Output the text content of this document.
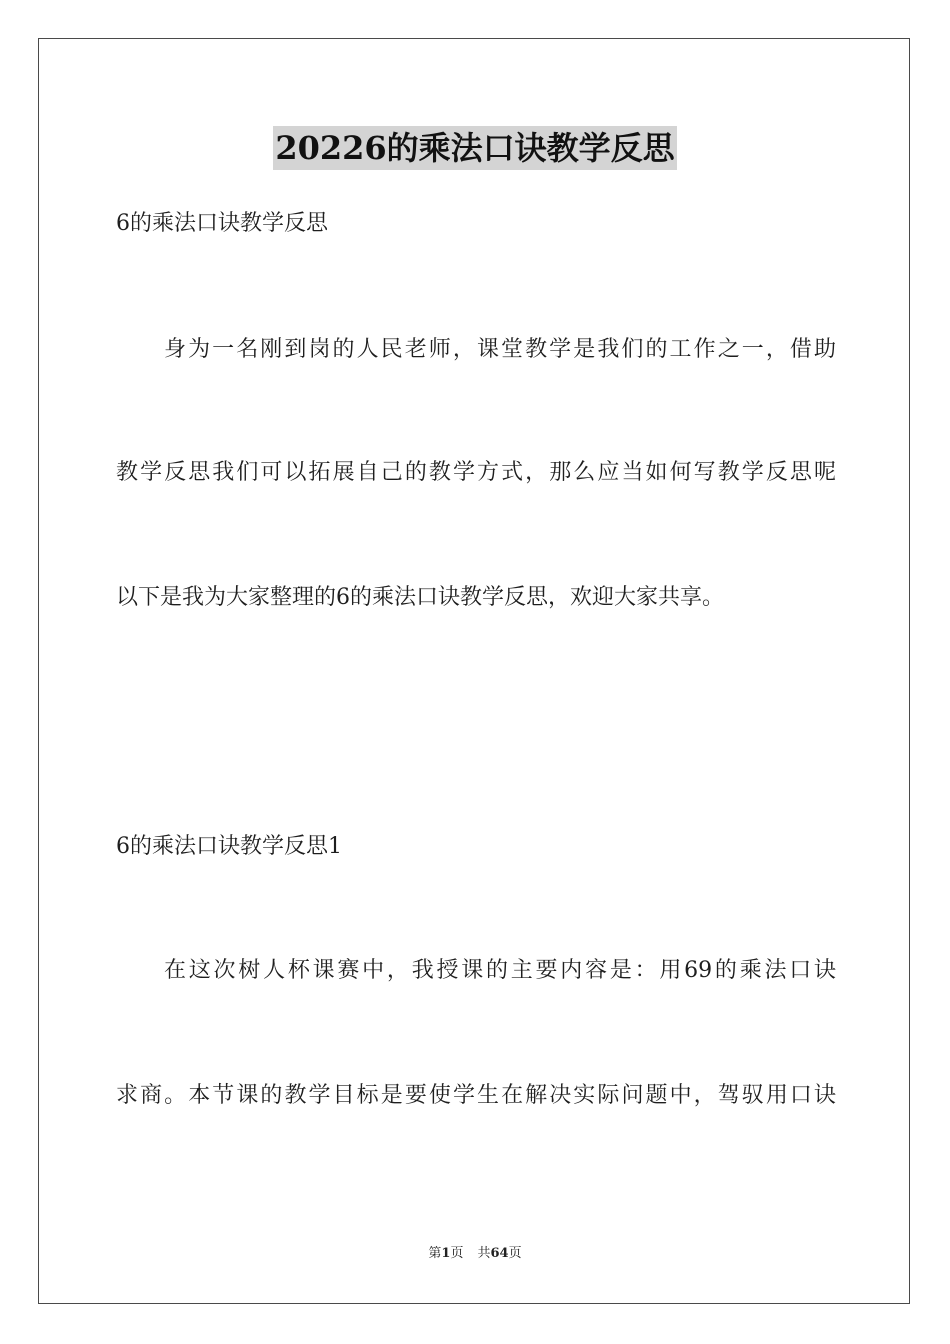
20226的乘法口诀教学反思
6的乘法口诀教学反思
身为一名刚到岗的人民老师，课堂教学是我们的工作之一，借助
教学反思我们可以拓展自己的教学方式，那么应当如何写教学反思呢
以下是我为大家整理的6的乘法口诀教学反思，欢迎大家共享。
6的乘法口诀教学反思1
在这次树人杯课赛中，我授课的主要内容是：用69的乘法口诀
求商。本节课的教学目标是要使学生在解决实际问题中，驾驭用口诀
第1页 共64页
